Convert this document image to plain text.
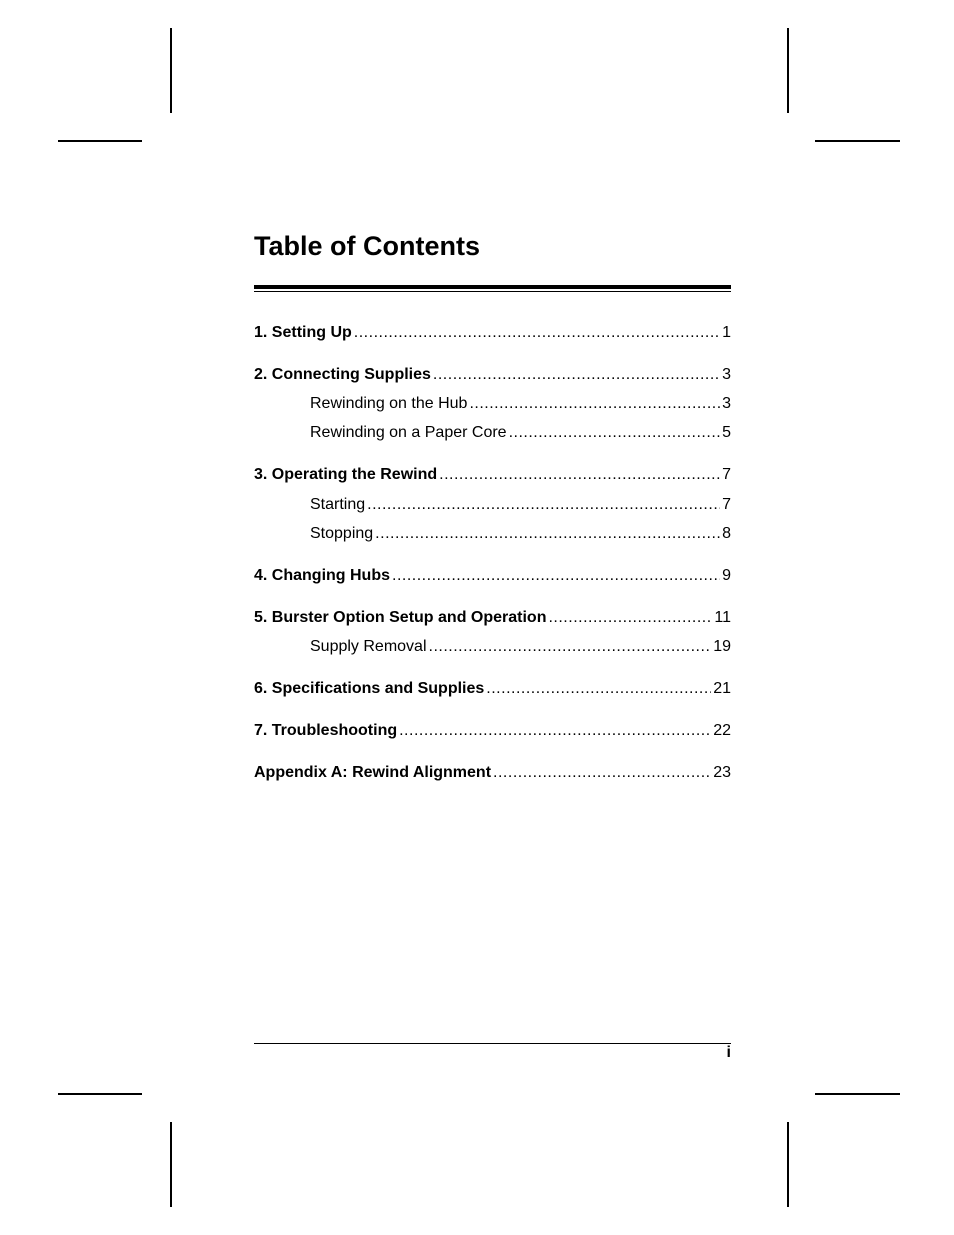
Table of Contents
1. Setting Up .....	1
2. Connecting Supplies .....	3
Rewinding on the Hub .....	3
Rewinding on a Paper Core .....	5
3. Operating the Rewind .....	7
Starting .....	7
Stopping .....	8
4. Changing Hubs .....	9
5. Burster Option Setup and Operation .....	11
Supply Removal .....	19
6. Specifications and Supplies .....	21
7. Troubleshooting .....	22
Appendix A: Rewind Alignment .....	23
i
